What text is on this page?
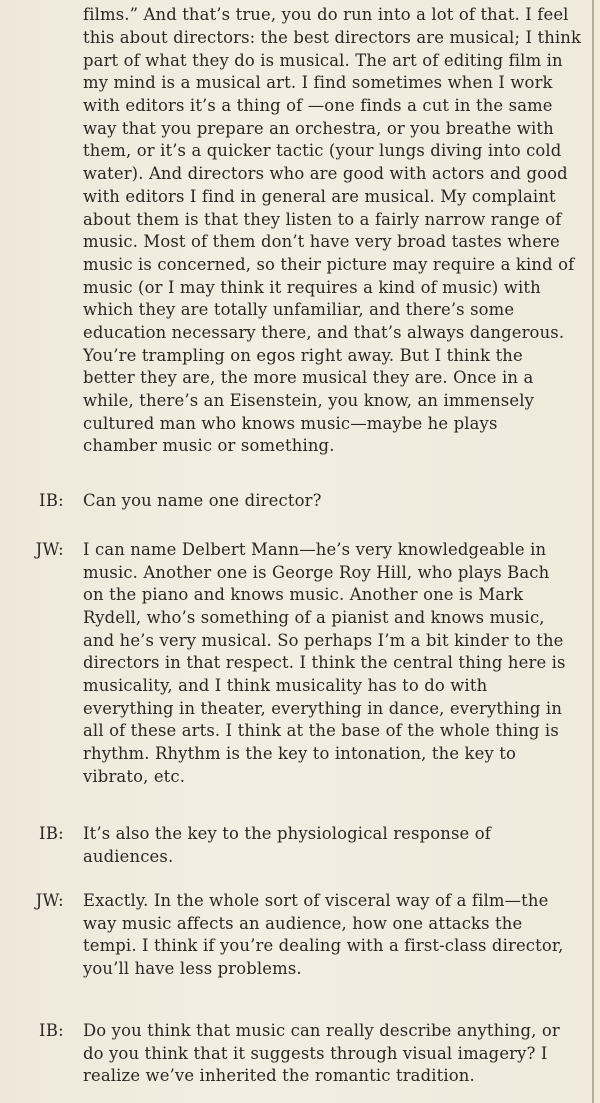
films.” And that’s true, you do run into a lot of that. I feel
this about directors: the best directors are musical; I think
part of what they do is musical. The art of editing film in
my mind is a musical art. I find sometimes when I work
with editors it’s a thing of —one finds a cut in the same
way that you prepare an orchestra, or you breathe with
them, or it’s a quicker tactic (your lungs diving into cold
water). And directors who are good with actors and good
with editors I find in general are musical. My complaint
about them is that they listen to a fairly narrow range of
music. Most of them don’t have very broad tastes where
music is concerned, so their picture may require a kind of
music (or I may think it requires a kind of music) with
which they are totally unfamiliar, and there’s some
education necessary there, and that’s always dangerous.
You’re trampling on egos right away. But I think the
better they are, the more musical they are. Once in a
while, there’s an Eisenstein, you know, an immensely
cultured man who knows music—maybe he plays
chamber music or something.
IB: Can you name one director?
JW: I can name Delbert Mann—he’s very knowledgeable in
music. Another one is George Roy Hill, who plays Bach
on the piano and knows music. Another one is Mark
Rydell, who’s something of a pianist and knows music,
and he’s very musical. So perhaps I’m a bit kinder to the
directors in that respect. I think the central thing here is
musicality, and I think musicality has to do with
everything in theater, everything in dance, everything in
all of these arts. I think at the base of the whole thing is
rhythm. Rhythm is the key to intonation, the key to
vibrato, etc.
IB: It’s also the key to the physiological response of
audiences.
JW: Exactly. In the whole sort of visceral way of a film—the
way music affects an audience, how one attacks the
tempi. I think if you’re dealing with a first-class director,
you’ll have less problems.
IB: Do you think that music can really describe anything, or
do you think that it suggests through visual imagery? I
realize we’ve inherited the romantic tradition.
